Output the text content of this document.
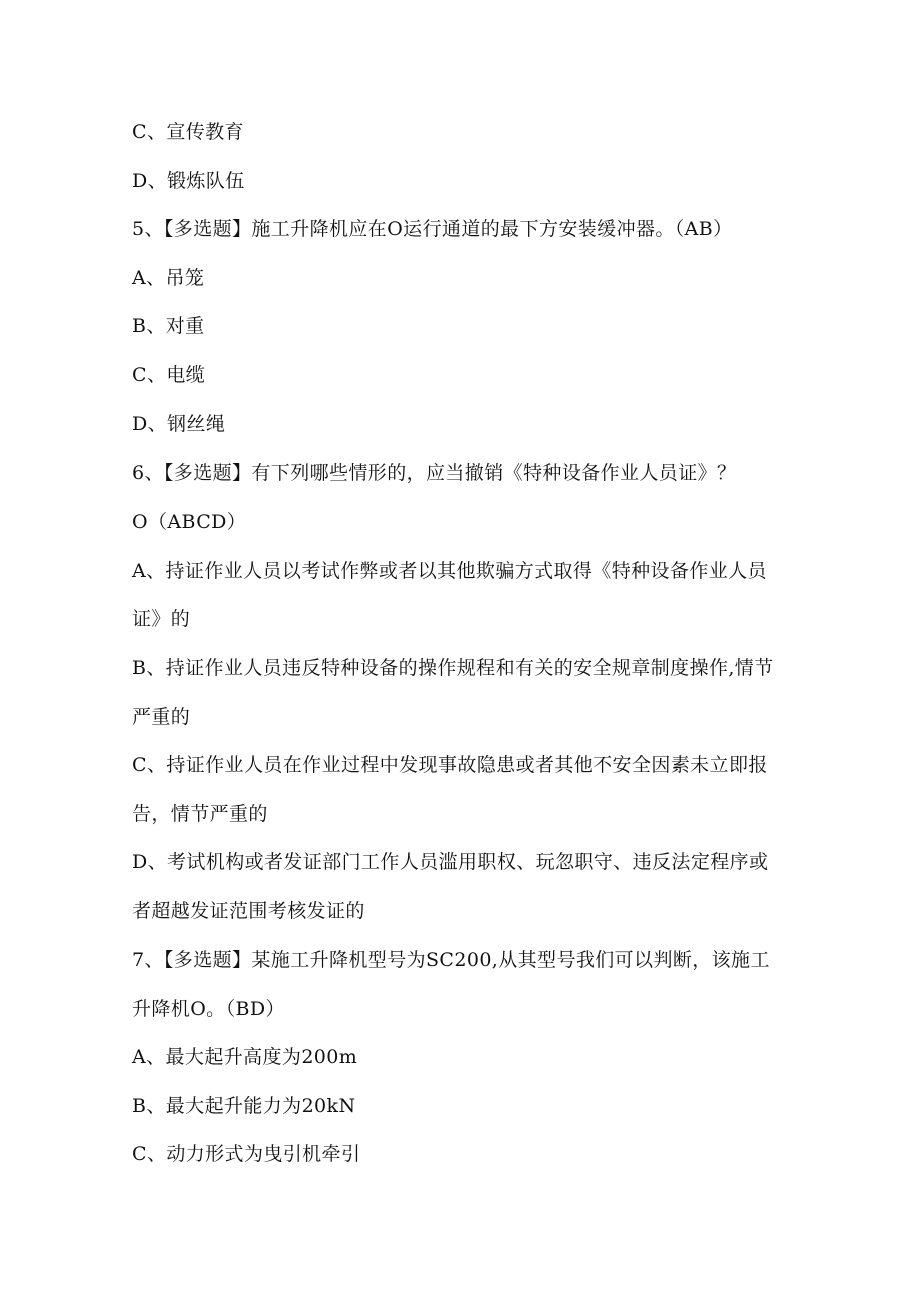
C、宣传教育
D、锻炼队伍
5、【多选题】施工升降机应在O运行通道的最下方安装缓冲器。（AB）
A、吊笼
B、对重
C、电缆
D、钢丝绳
6、【多选题】有下列哪些情形的，应当撤销《特种设备作业人员证》？
O（ABCD）
A、持证作业人员以考试作弊或者以其他欺骗方式取得《特种设备作业人员
证》的
B、持证作业人员违反特种设备的操作规程和有关的安全规章制度操作,情节
严重的
C、持证作业人员在作业过程中发现事故隐患或者其他不安全因素未立即报
告，情节严重的
D、考试机构或者发证部门工作人员滥用职权、玩忽职守、违反法定程序或
者超越发证范围考核发证的
7、【多选题】某施工升降机型号为SC200,从其型号我们可以判断，该施工
升降机O。（BD）
A、最大起升高度为200m
B、最大起升能力为20kN
C、动力形式为曳引机牵引
